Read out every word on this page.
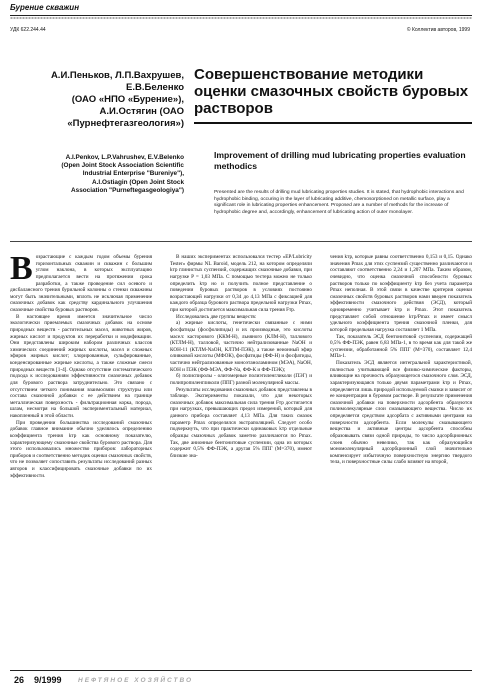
Бурение скважин
УДК 622.244.44	© Коллектив авторов, 1999
А.И.Пеньков, Л.П.Вахрушев,
Е.В.Беленко
(ОАО «НПО «Бурение»),
А.И.Остягин (ОАО
«Пурнефтегазгеология»)
Совершенствование методики оценки смазочных свойств буровых растворов
A.I.Penkov, L.P.Vahrushev, E.V.Belenko
(Open Joint Stock Association Scientific
Industrial Enterprise "Bureniye"),
A.I.Ostiagin (Open Joint Stock
Association "Purneftegasgeologiya")
Improvement of drilling mud lubricating properties evaluation methodics
Presented are the results of drilling mud lubricating properties studies. It is stated, that hydrophobic interactions and hydrophobic binding, occuring in the layer of lubricating additive, chemosorptioned on metallic surface, play a significant role in lubricating properties enhancement. Proposed are a number of methods for the increase of hydrophobic degree and, accordingly, enhancement of lubricating action of outer monolayer.
В озрастающие с каждым годом объемы бурения горизонтальных скважин и скважин с большим углом наклона, в которых эксплуатацию предполагается вести на протяжении срока разработки, а также проведение сил осевого и дисбалансного трения бурильной колонны о стенки скважины могут быть значительными, вплоть не исключая применение смазочных добавок как средству кардинального улучшения смазочные свойства буровых растворов.

В настоящее время имеется значительное число экологически приемлемых смазочных добавок на основе природных веществ - растительных масел, животных жиров, жирных кислот и продуктов их переработки и модификации. Они представлены широким набором различных классов химических соединений жирных кислоты, масел и сложных эфиров жирных кислот; хлорированные, сульфированные, конденсированные жирные кислоты, а также сложные смеси природных веществ [1-4]. Однако отсутствие систематического подхода к исследованиям эффективности смазочных добавок для бурового раствора затруднительно. Это связано с отсутствием четкого понимания взаимосвязи структуры или состава смазочной добавки с ее действием на границе металлическая поверхность - фильтрационная корка, порода, шлам, несмотря на большой экспериментальный материал, накопленный в этой области.

При проведении большинства исследований смазочных добавок главное внимание обычно уделялось определению коэффициента трения kтр как основному показателю, характеризующему смазочные свойства бурового раствора. Для этого использовались множество приборов: лабораторных приборов и соответственно методик оценки смазочных свойств, что не позволяет сопоставить результаты исследований разных авторов и классифицировать смазочные добавки по их эффективности.

В наших экспериментах использовался тестер «EP/Lubricity Tester» фирмы NL Baroid, модель 212, на котором определяли kтр глинистых суспензий, содержащих смазочные добавки, при нагрузке P = 1,03 МПа. С помощью тестера можно не только определить kтр но и получить полное представление о поведении буровых растворов в условиях постоянно возрастающей нагрузки от 0,34 до 4,13 МПа с фиксацией для каждого образца бурового раствора предельной нагрузки Pmax, при которой достигается максимальная сила трения Fтр.

Исследовались две группы веществ:

а) жирные кислоты, генетически связанные с ними фосфатиды (фосфолипиды) и их производные, это кислоты масел: касторового (ККМ-Н), льняного (КЛМ-Н), таллового (КТЛМ-Н), талловой, частично нейтрализованные NaOH и КОН-11 (КТЛМ-NaOH, КЛТМ-ПЭК), а также неионный эфир оливковой кислоты (МФОК), фосфатиды (ФФ-Н) и фосфатиды, частично нейтрализованные моноэтаноламином (МЭА), NaOH, КОН и ПЭК (ФФ-МЭА, ФФ-Na, ФФ-К и ФФ-ПЭК);

б) полиспиролы - олигомерные полиэтиленгликоли (ПЭГ) и полипропиленгликоли (ППГ) разной молекулярной массы.

Результаты исследования смазочных добавок представлены в таблице. Эксперименты показали, что для некоторых смазочных добавок максимальная сила трения Fтр достигается при нагрузках, превышающих предел измерений, который для данного прибора составляет 4,13 МПа. Для таких смазок параметр Pmax определялся экстраполяцией. Следует особо подчеркнуть, что при практически одинаковых kтр отдельные образцы смазочных добавок заметно различаются по Pmax. Так, две анионные бентонитовые суспензии, одна из которых содержит 0,5% ФФ-ПЭК, а другая 5% ППГ (М=370), имеют близкие зна-

чения kтр, которые равны соответственно 0,153 и 0,15. Однако значения Pmax для этих суспензий существенно различаются и составляют соответственно 2,24 и 1,207 МПа. Таким образом, очевидно, что оценка смазочной способности буровых растворов только по коэффициенту kтр без учета параметра Pmax неполная. В этой связи в качестве критерия оценки смазочных свойств буровых растворов нами введен показатель эффективности смазочного действия (ЭСД), который одновременно учитывает kтр и Pmax. Этот показатель представляет собой отношение kтр/Pmax и имеет смысл удельного коэффициента трения смазочной пленки, для которой предельная нагрузка составляет 1 МПа.

Так, показатель ЭСД бентонитовой суспензии, содержащей 0,5% ФФ-ПЭК, равен 6,83 МПа-1, в то время как для такой же суспензии, обработанной 5% ППГ (М=370), составляет 12,4 МПа-1.

Показатель ЭСД является интегральной характеристикой, полностью учитывающей все физико-химические факторы, влияющие на прочность образующегося смазочного слоя. ЭСД, характеризующаяся только двумя параметрами kтр и Pmax, определяется лишь природой используемой смазки и зависит от ее концентрации в буровом растворе. В результате применения смазочной добавки на поверхности адсорбента образуются полимолекулярные слои смазывающего вещества. Число их определяется средством адсорбата с активными центрами на поверхности адсорбента. Если молекулы смазывающего вещества и активные центры адсорбента способны образовывать связи одной природы, то число адсорбционных слоев обычно невелико, так как образующийся мономолекулярный адсорбционный слой значительно компенсирует избыточную поверхностную энергию твердого тела, и поверхностные силы слабо влияют на второй,

26 9/1999	НЕФТЯНОЕ ХОЗЯЙСТВО
